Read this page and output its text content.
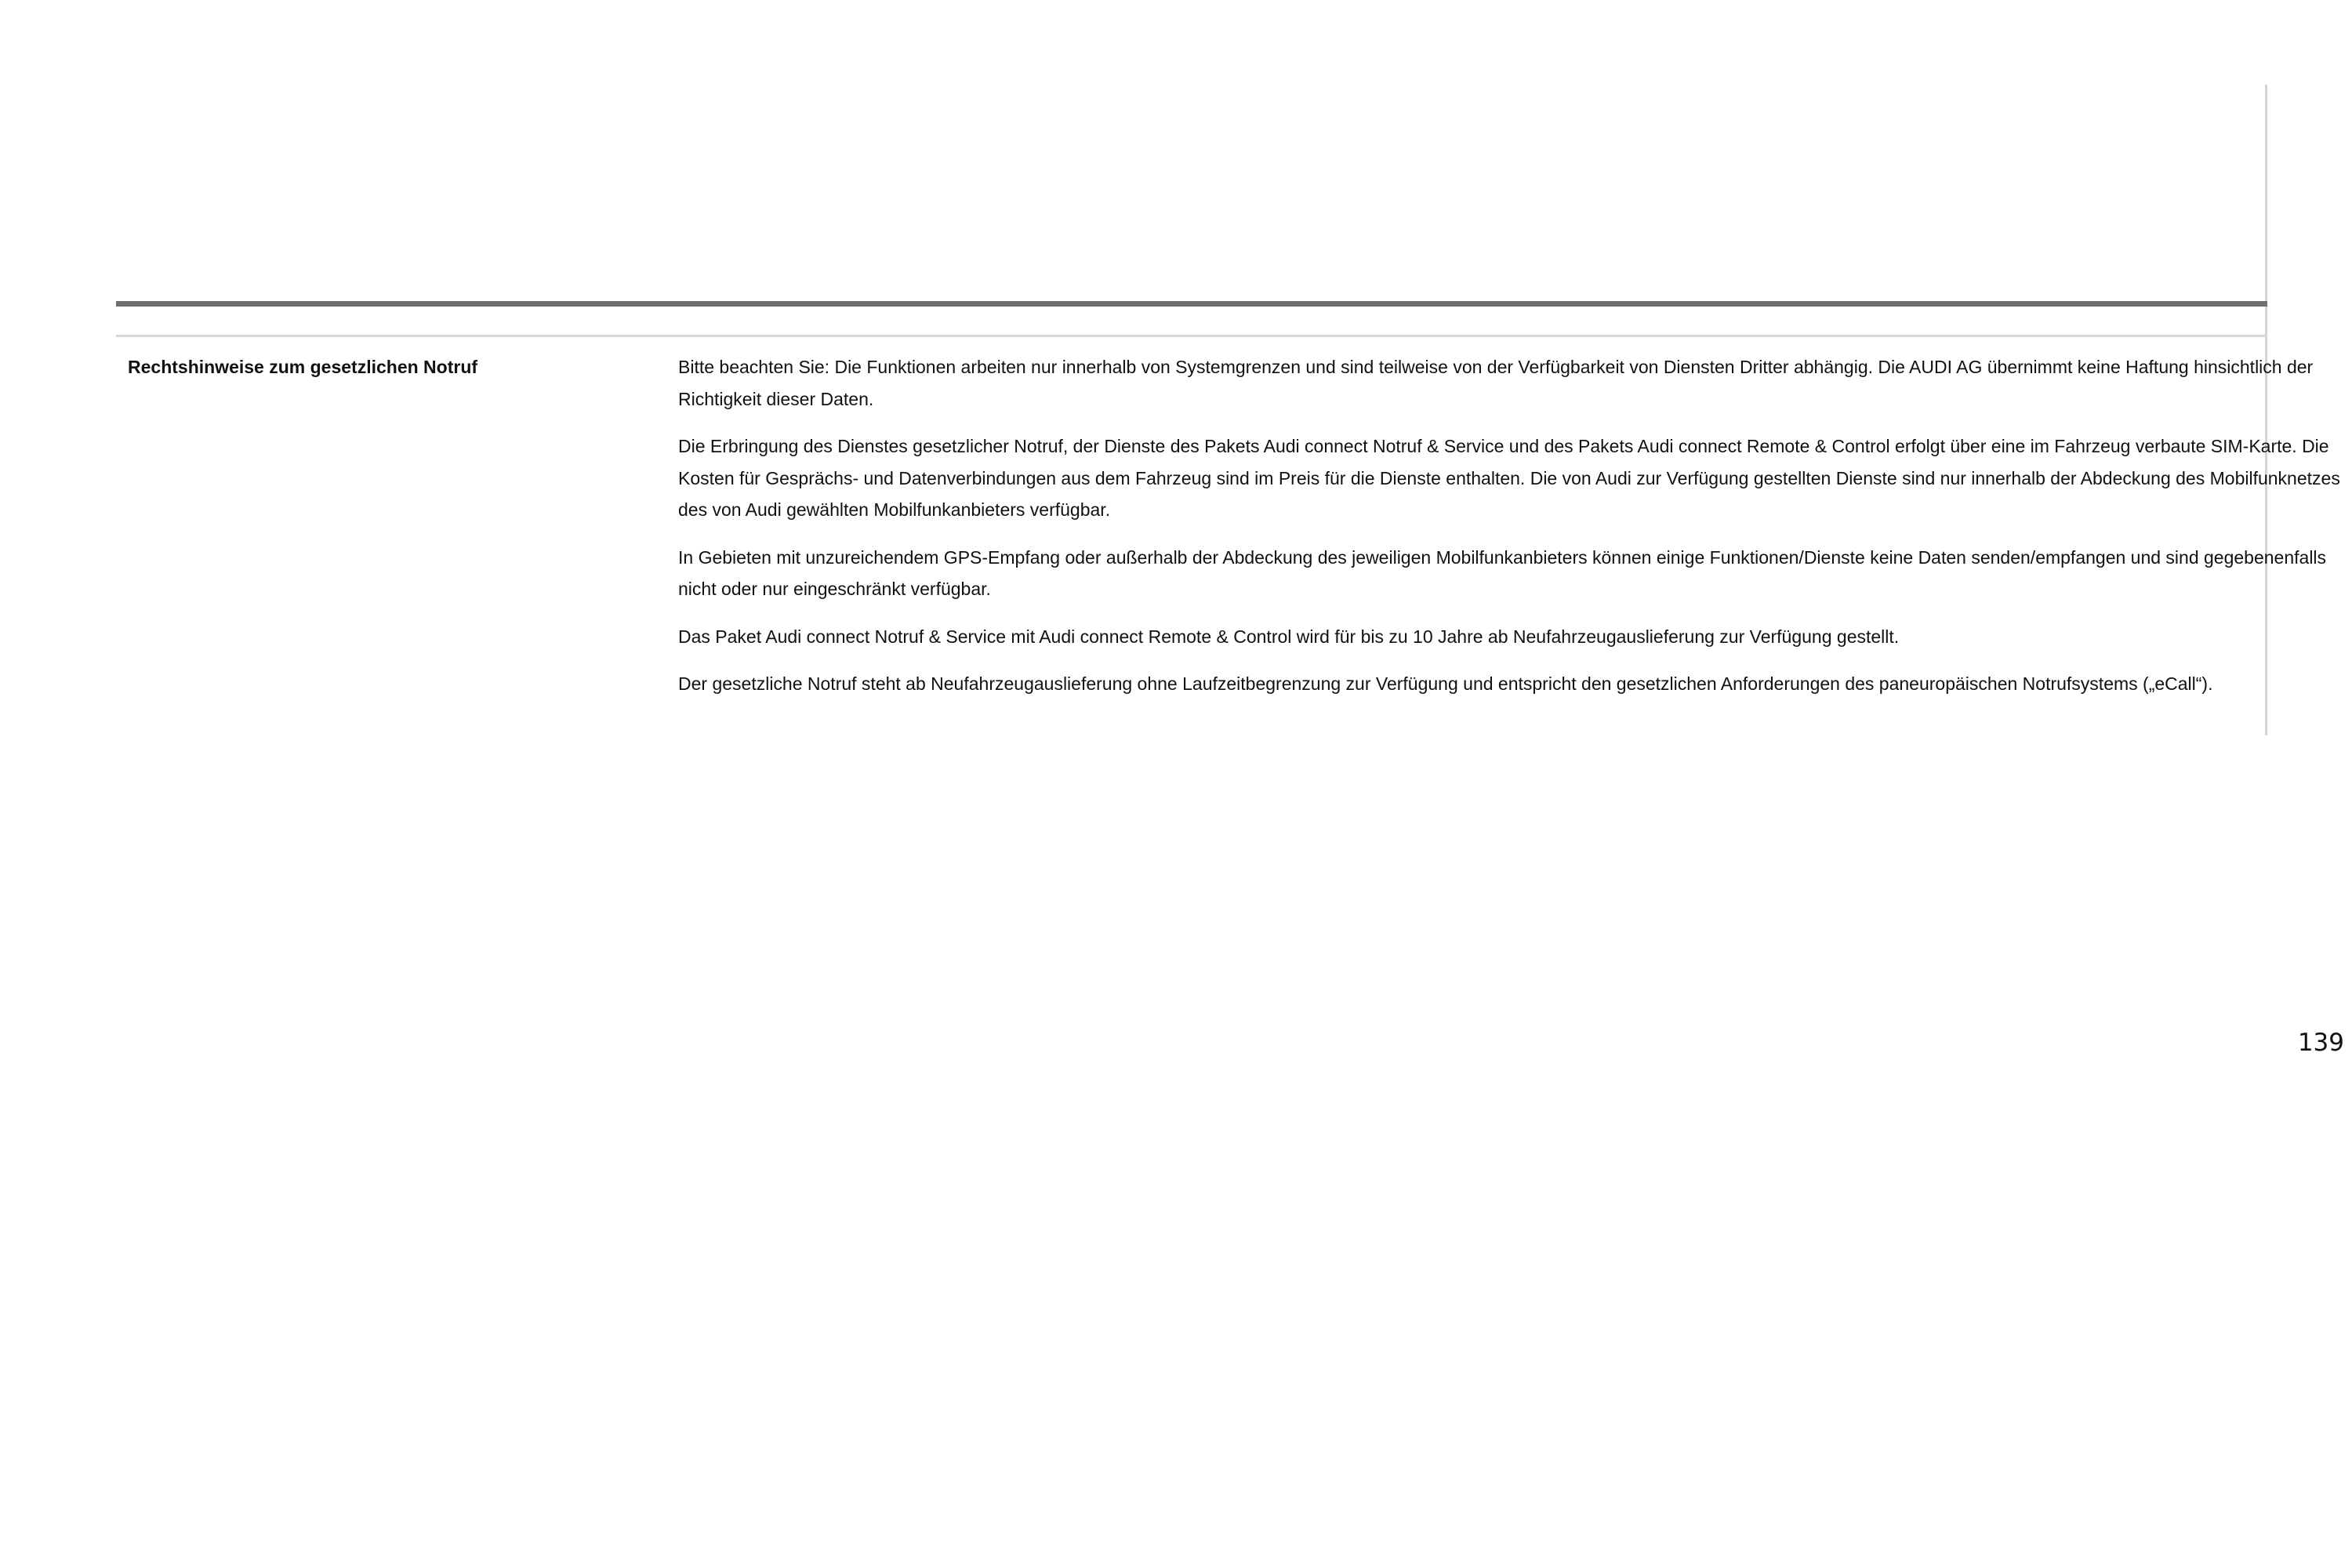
Rechtshinweise zum gesetzlichen Notruf	Bitte beachten Sie: Die Funktionen arbeiten nur innerhalb von Systemgrenzen und sind teilweise von der Verfügbarkeit von Diensten Dritter abhängig. Die AUDI AG übernimmt keine Haftung hinsichtlich der Richtigkeit dieser Daten.

Die Erbringung des Dienstes gesetzlicher Notruf, der Dienste des Pakets Audi connect Notruf & Service und des Pakets Audi connect Remote & Control erfolgt über eine im Fahrzeug verbaute SIM-Karte. Die Kosten für Gesprächs- und Datenverbindungen aus dem Fahrzeug sind im Preis für die Dienste enthalten. Die von Audi zur Verfügung gestellten Dienste sind nur innerhalb der Abdeckung des Mobilfunknetzes des von Audi gewählten Mobilfunkanbieters verfügbar.

In Gebieten mit unzureichendem GPS-Empfang oder außerhalb der Abdeckung des jeweiligen Mobilfunkanbieters können einige Funktionen/Dienste keine Daten senden/empfangen und sind gegebenenfalls nicht oder nur eingeschränkt verfügbar.

Das Paket Audi connect Notruf & Service mit Audi connect Remote & Control wird für bis zu 10 Jahre ab Neufahrzeugauslieferung zur Verfügung gestellt.

Der gesetzliche Notruf steht ab Neufahrzeugauslieferung ohne Laufzeitbegrenzung zur Verfügung und entspricht den gesetzlichen Anforderungen des paneuropäischen Notrufsystems („eCall“).

139
